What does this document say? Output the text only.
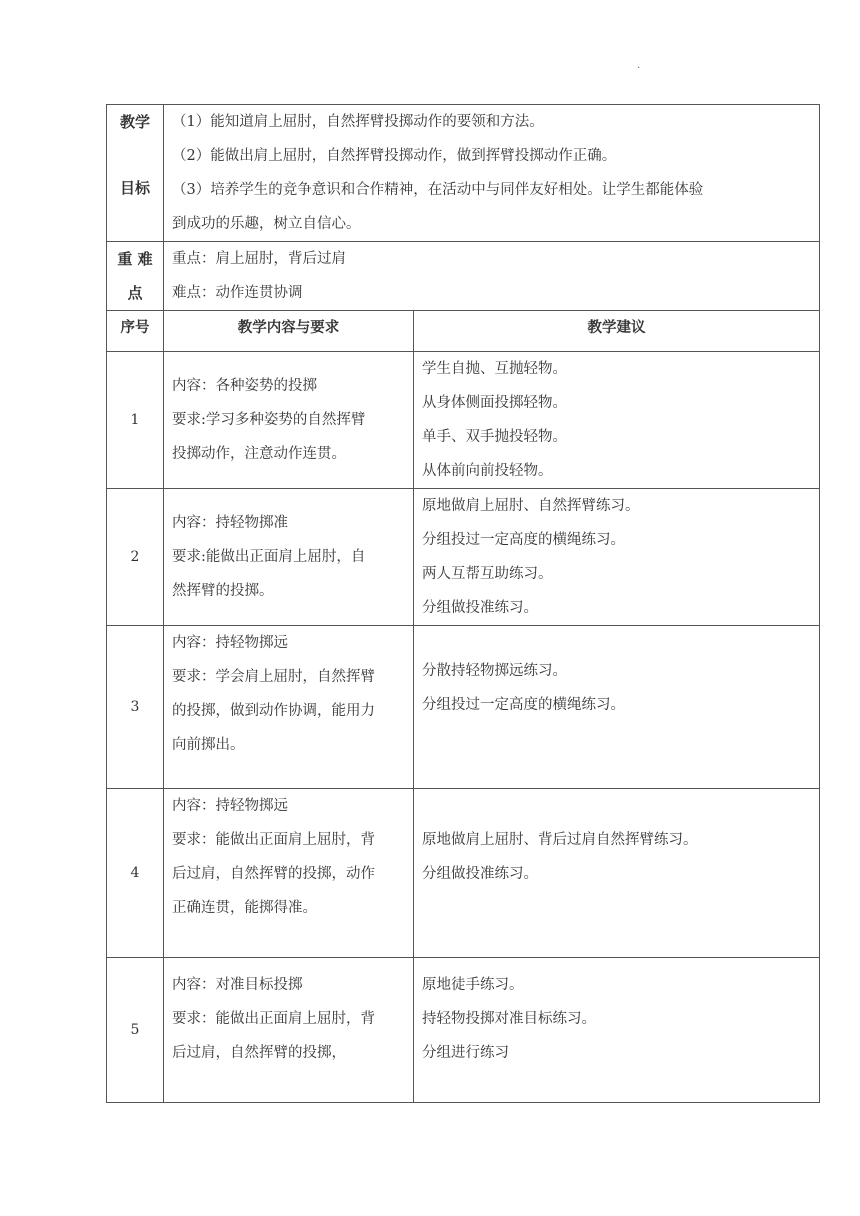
.
教学
目标	（1）能知道肩上屈肘，自然挥臂投掷动作的要领和方法。
（2）能做出肩上屈肘，自然挥臂投掷动作，做到挥臂投掷动作正确。
（3）培养学生的竞争意识和合作精神，在活动中与同伴友好相处。让学生都能体验
到成功的乐趣，树立自信心。	

重 难
点	重点：肩上屈肘，背后过肩
难点：动作连贯协调	

序号	教学内容与要求	教学建议
1	内容：各种姿势的投掷
要求:学习多种姿势的自然挥臂
投掷动作，注意动作连贯。	学生自抛、互抛轻物。
从身体侧面投掷轻物。
单手、双手抛投轻物。
从体前向前投轻物。

2	内容：持轻物掷准
要求:能做出正面肩上屈肘，自
然挥臂的投掷。	原地做肩上屈肘、自然挥臂练习。
分组投过一定高度的横绳练习。
两人互帮互助练习。
分组做投准练习。

3	内容：持轻物掷远
要求：学会肩上屈肘，自然挥臂
的投掷，做到动作协调，能用力
向前掷出。	分散持轻物掷远练习。
分组投过一定高度的横绳练习。

4	内容：持轻物掷远
要求：能做出正面肩上屈肘，背
后过肩，自然挥臂的投掷，动作
正确连贯，能掷得准。	原地做肩上屈肘、背后过肩自然挥臂练习。
分组做投准练习。

5	内容：对准目标投掷
要求：能做出正面肩上屈肘，背
后过肩，自然挥臂的投掷，	原地徒手练习。
持轻物投掷对准目标练习。
分组进行练习
